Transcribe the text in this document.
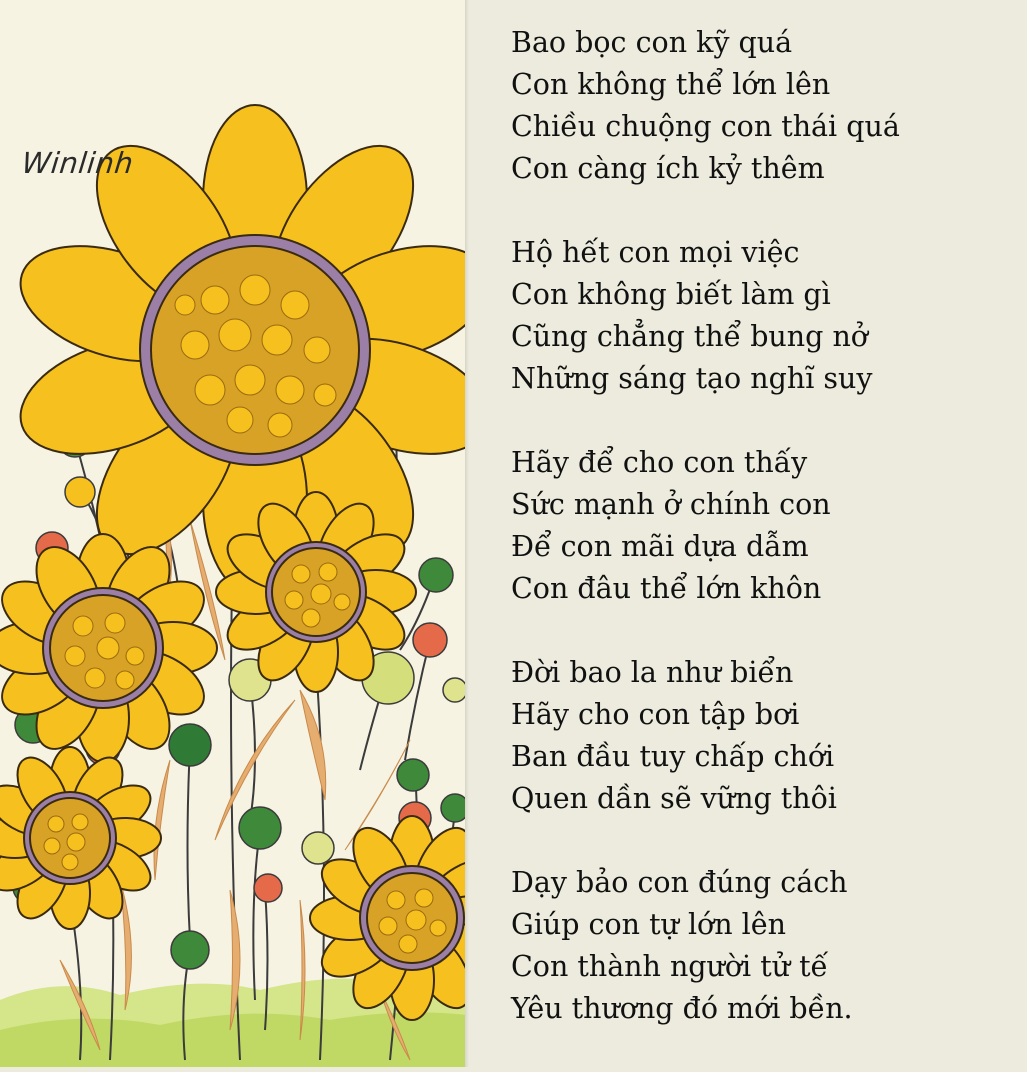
Winlinh
Bao bọc con kỹ quá
Con không thể lớn lên
Chiều chuộng con thái quá
Con càng ích kỷ thêm
Hộ hết con mọi việc
Con không biết làm gì
Cũng chẳng thể bung nở
Những sáng tạo nghĩ suy
Hãy để cho con thấy
Sức mạnh ở chính con
Để con mãi dựa dẫm
Con đâu thể lớn khôn
Đời bao la như biển
Hãy cho con tập bơi
Ban đầu tuy chấp chới
Quen dần sẽ vững thôi
Dạy bảo con đúng cách
Giúp con tự lớn lên
Con thành người tử tế
Yêu thương đó mới bền.
